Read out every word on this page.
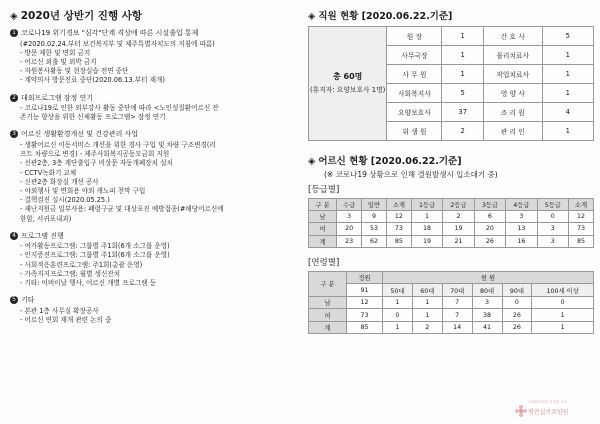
◈ 2020년 상반기 진행 사항
1 코로나19 위기경보 "심각"단계 격상에 따른 시설출입 통제
(#2020.02.24.부터 보건복지부 및 제주특별자치도의 지침에 따름)
- 방문 제한 및 면회 금지
- 어르신 외출 및 외박 금지
- 자원봉사활동 및 현장실습 전면 중단
- 계약의사 방문진료 중단(2020.06.13.부터 재개)
2 대외프로그램 잠정 연기
- 코로나19로 인한 외부강사 활동 중단에 따라 <노인성질환어르신 잔
존기능 향상을 위한 신체활동 프로그램> 잠정 연기
3 어르신 생활환경개선 및 건강관리 사업
- 생활어르신 이동서비스 개선을 위한 경사 구입 및 차량 구조변경(리
프트 차량으로 변경) - 제주사회복지공동모금회 지원
- 신관2층, 3층 계단출입구 비상문 자동개폐장치 설치
- CCTV녹화기 교체
- 신관2층 화장실 개선 공사
- 야외행사 및 면회용 야외 캐노피 천막 구입
- 결핵검진 실시(2020.05.25.)
- 재난지원금 일부사용: 폐렴구균 및 대상포진 예방접종(#해당어르신에
한함, 서귀포내과)
4 프로그램 진행
- 여가활동프로그램: 그룹별 주1회(6개 소그룹 운영)
- 인지증진프로그램: 그룹별 주1회(6개 소그룹 운영)
- 사회적응훈련프로그램: 주1회(총괄 운영)
- 가족지지프로그램: 월별 생신잔치
- 기타: 어버이날 행사, 어르신 개별 프로그램 등
5 기타
- 본관 1층 사무실 확장공사
- 어르신 연회 재개 관련 논의 중
◈ 직원 현황 [2020.06.22.기준]
총 60명
(휴직자: 요양보호사 1명)	원 장	1	간 호 사	5
	사무국장	1	물리치료사	1
	사 무 원	1	작업치료사	1
	사회복지사	5	영 양 사	1
	요양보호사	37	조 리 원	4
	위 생 원	2	관 리 인	1
◈ 어르신 현황 [2020.06.22.기준]
(※ 코로나19 상황으로 인해 결원발생시 입소대기 중)
[등급별]
구 분	수급	일반	소계	1등급	2등급	3등급	4등급	5등급	소계
남	3	9	12	1	2	6	3	0	12
여	20	53	73	18	19	20	13	3	73
계	23	62	85	19	21	26	16	3	85
[연령별]
구 분	정원	현 원					
	91	50대	60대	70대	80대	90대	100세 이상
남	12	1	1	7	3	0	0
여	73	0	1	7	38	26	1
계	85	1	2	14	41	26	1
사회복지법인 동정원 소속
평안실로요양원
